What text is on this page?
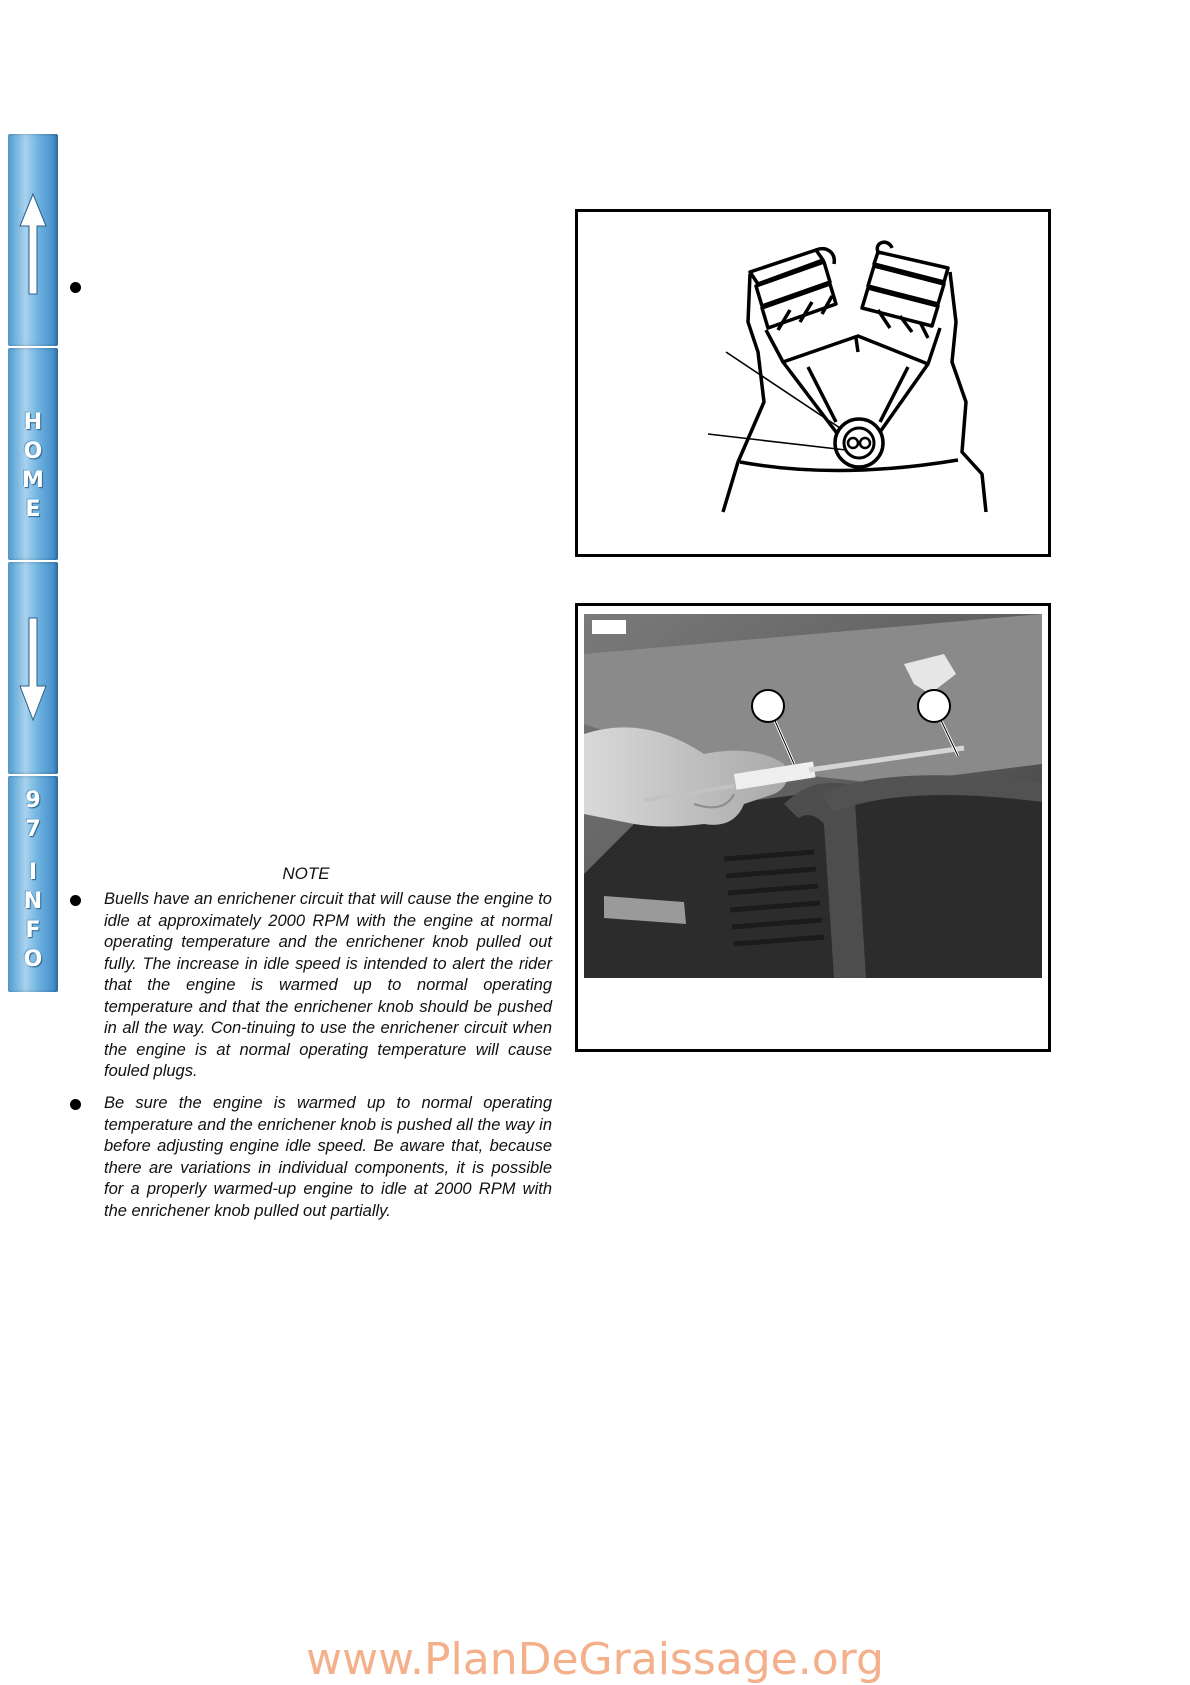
H
O
M
E
9
7
I
N
F
O
NOTE

Buells have an enrichener circuit that will cause the engine to idle at approximately 2000 RPM with the engine at normal operating temperature and the enrichener knob pulled out fully. The increase in idle speed is intended to alert the rider that the engine is warmed up to normal operating temperature and that the enrichener knob should be pushed in all the way. Con-tinuing to use the enrichener circuit when the engine is at normal operating temperature will cause fouled plugs.

Be sure the engine is warmed up to normal operating temperature and the enrichener knob is pushed all the way in before adjusting engine idle speed. Be aware that, because there are variations in individual components, it is possible for a properly warmed-up engine to idle at 2000 RPM with the enrichener knob pulled out partially.

www.PlanDeGraissage.org
